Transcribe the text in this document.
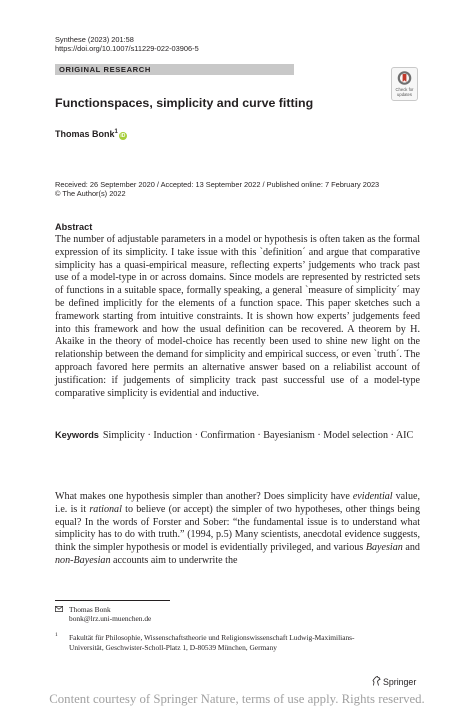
Synthese (2023) 201:58
https://doi.org/10.1007/s11229-022-03906-5
ORIGINAL RESEARCH
Check for
updates
Functionspaces, simplicity and curve fitting
Thomas Bonk$^1$iD
Received: 26 September 2020 / Accepted: 13 September 2022 / Published online: 7 February 2023
© The Author(s) 2022
Abstract
The number of adjustable parameters in a model or hypothesis is often taken as the formal expression of its simplicity. I take issue with this `definition´ and argue that comparative simplicity has a quasi-empirical measure, reflecting experts’ judgements who track past use of a model-type in or across domains. Since models are represented by restricted sets of functions in a suitable space, formally speaking, a general `measure of simplicity´ may be defined implicitly for the elements of a function space. This paper sketches such a framework starting from intuitive constraints. It is shown how experts’ judgements feed into this framework and how the usual definition can be recovered. A theorem by H. Akaike in the theory of model-choice has recently been used to shine new light on the relationship between the demand for simplicity and empirical success, or even `truth´. The approach favored here permits an alternative answer based on a reliabilist account of justification: if judgements of simplicity track past successful use of a model-type comparative simplicity is evidential and inductive.
Keywords Simplicity · Induction · Confirmation · Bayesianism · Model selection · AIC
What makes one hypothesis simpler than another? Does simplicity have evidential value, i.e. is it rational to believe (or accept) the simpler of two hypotheses, other things being equal? In the words of Forster and Sober: “the fundamental issue is to understand what simplicity has to do with truth.” (1994, p.5) Many scientists, anecdotal evidence suggests, think the simpler hypothesis or model is evidentially privileged, and various Bayesian and non-Bayesian accounts aim to underwrite the
Thomas Bonk
bonk@lrz.uni-muenchen.de
1 Fakultät für Philosophie, Wissenschaftstheorie und Religionswissenschaft Ludwig-Maximilians-Universität, Geschwister-Scholl-Platz 1, D-80539 München, Germany
Springer
Content courtesy of Springer Nature, terms of use apply. Rights reserved.
